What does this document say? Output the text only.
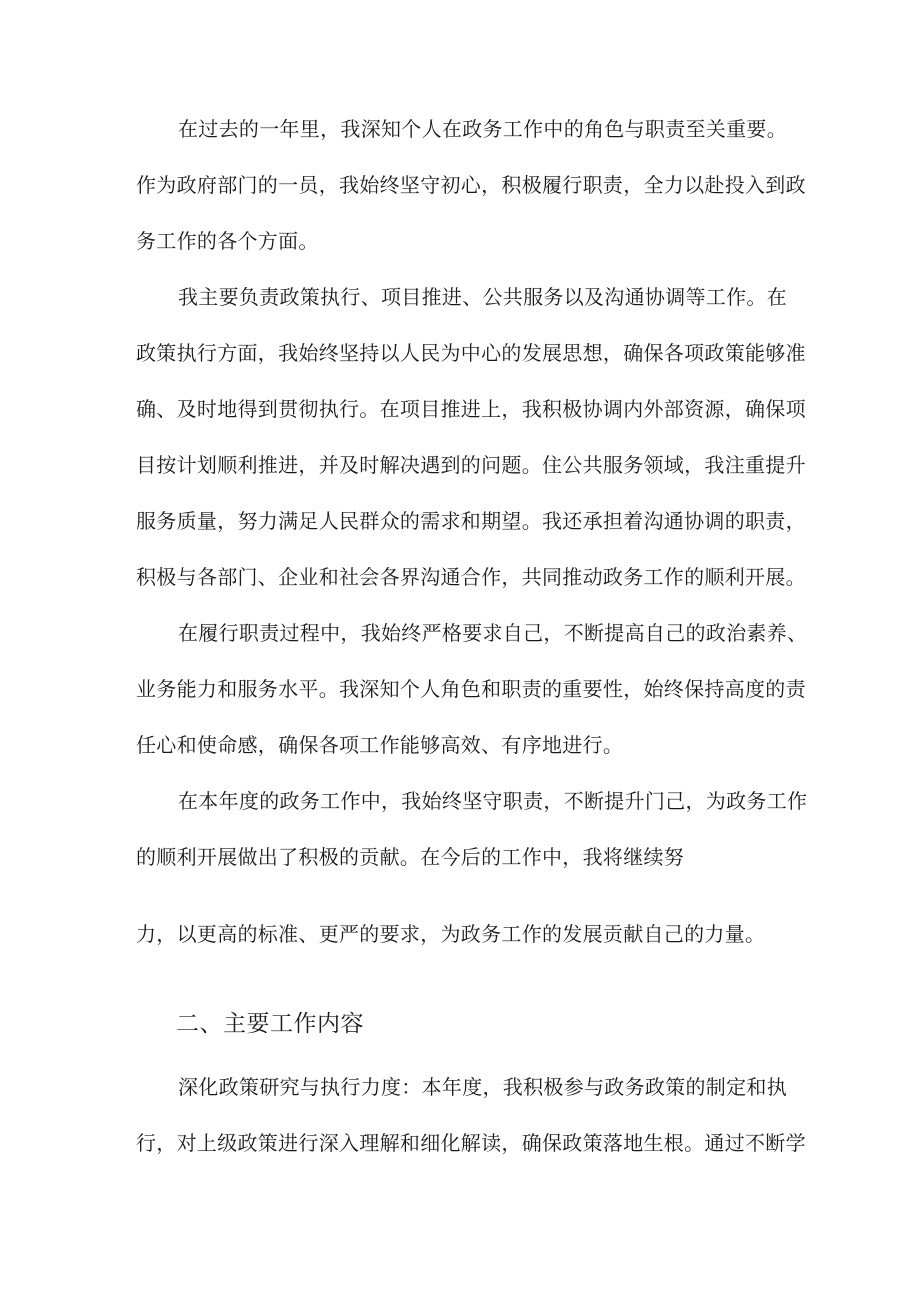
在过去的一年里，我深知个人在政务工作中的角色与职责至关重要。
作为政府部门的一员，我始终坚守初心，积极履行职责，全力以赴投入到政
务工作的各个方面。
我主要负责政策执行、项目推进、公共服务以及沟通协调等工作。在
政策执行方面，我始终坚持以人民为中心的发展思想，确保各项政策能够准
确、及时地得到贯彻执行。在项目推进上，我积极协调内外部资源，确保项
目按计划顺利推进，并及时解决遇到的问题。住公共服务领域，我注重提升
服务质量，努力满足人民群众的需求和期望。我还承担着沟通协调的职责，
积极与各部门、企业和社会各界沟通合作，共同推动政务工作的顺利开展。
在履行职责过程中，我始终严格要求自己，不断提高自己的政治素养、
业务能力和服务水平。我深知个人角色和职责的重要性，始终保持高度的责
任心和使命感，确保各项工作能够高效、有序地进行。
在本年度的政务工作中，我始终坚守职责，不断提升门己，为政务工作
的顺利开展做出了积极的贡献。在今后的工作中，我将继续努
力，以更高的标准、更严的要求，为政务工作的发展贡献自己的力量。
二、主要工作内容
深化政策研究与执行力度：本年度，我积极参与政务政策的制定和执
行，对上级政策进行深入理解和细化解读，确保政策落地生根。通过不断学
